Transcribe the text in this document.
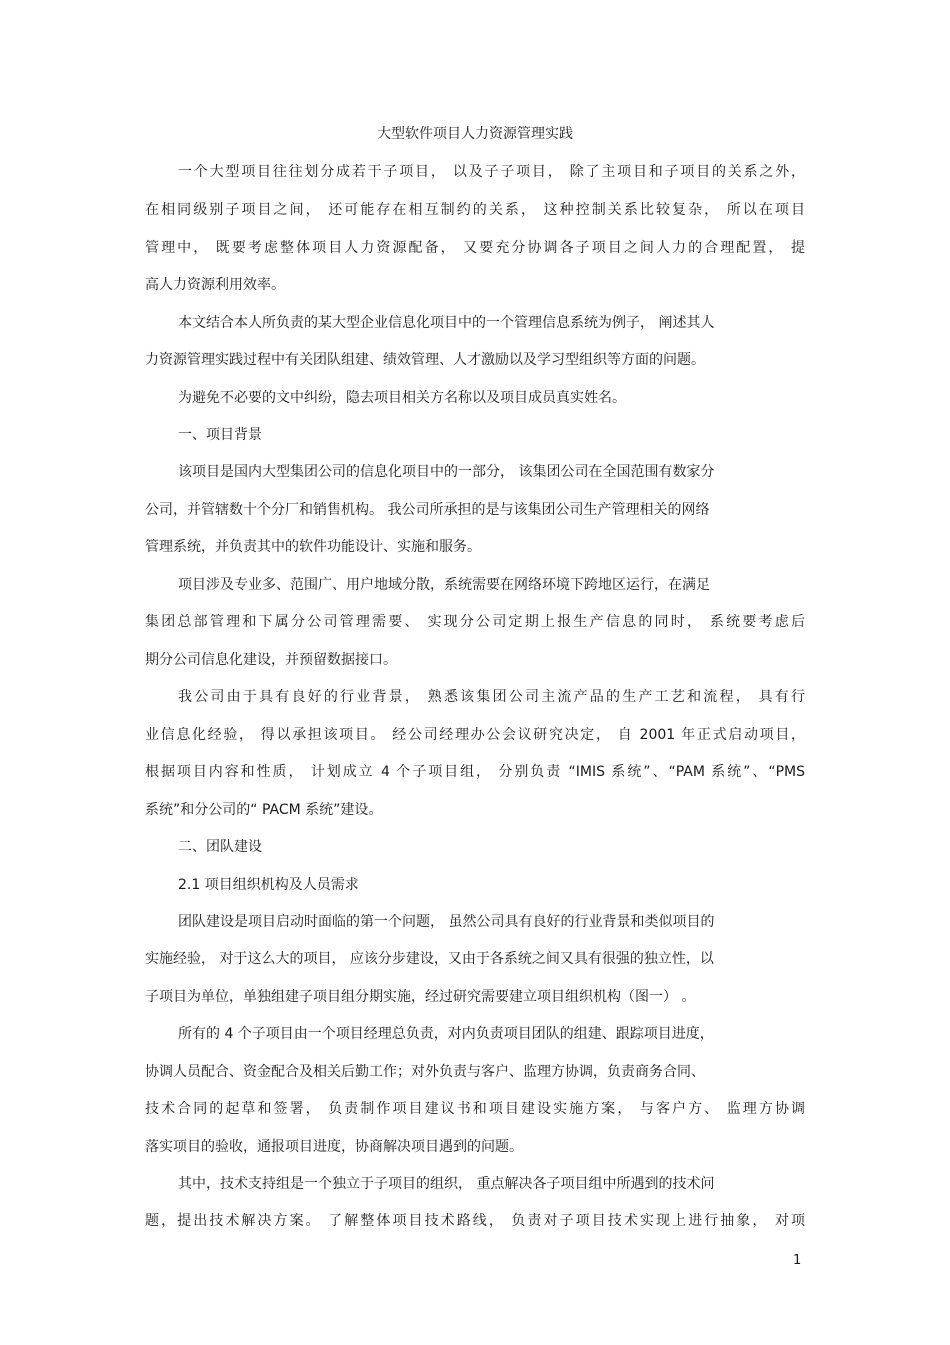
大型软件项目人力资源管理实践
一个大型项目往往划分成若干子项目， 以及子子项目， 除了主项目和子项目的关系之外，
在相同级别子项目之间， 还可能存在相互制约的关系， 这种控制关系比较复杂， 所以在项目
管理中， 既要考虑整体项目人力资源配备， 又要充分协调各子项目之间人力的合理配置， 提
高人力资源利用效率。
本文结合本人所负责的某大型企业信息化项目中的一个管理信息系统为例子， 阐述其人
力资源管理实践过程中有关团队组建、绩效管理、人才激励以及学习型组织等方面的问题。
为避免不必要的文中纠纷，隐去项目相关方名称以及项目成员真实姓名。
一、项目背景
该项目是国内大型集团公司的信息化项目中的一部分， 该集团公司在全国范围有数家分
公司，并管辖数十个分厂和销售机构。 我公司所承担的是与该集团公司生产管理相关的网络
管理系统，并负责其中的软件功能设计、实施和服务。
项目涉及专业多、范围广、用户地域分散，系统需要在网络环境下跨地区运行，在满足
集团总部管理和下属分公司管理需要、 实现分公司定期上报生产信息的同时， 系统要考虑后
期分公司信息化建设，并预留数据接口。
我公司由于具有良好的行业背景， 熟悉该集团公司主流产品的生产工艺和流程， 具有行
业信息化经验， 得以承担该项目。 经公司经理办公会议研究决定， 自 2001 年正式启动项目，
根据项目内容和性质， 计划成立 4 个子项目组， 分别负责 “IMIS 系统”、“PAM 系统”、“PMS
系统”和分公司的“ PACM 系统”建设。
二、团队建设
2.1 项目组织机构及人员需求
团队建设是项目启动时面临的第一个问题， 虽然公司具有良好的行业背景和类似项目的
实施经验， 对于这么大的项目， 应该分步建设，又由于各系统之间又具有很强的独立性，以
子项目为单位，单独组建子项目组分期实施，经过研究需要建立项目组织机构（图一） 。
所有的 4 个子项目由一个项目经理总负责，对内负责项目团队的组建、跟踪项目进度，
协调人员配合、资金配合及相关后勤工作；对外负责与客户、监理方协调，负责商务合同、
技术合同的起草和签署， 负责制作项目建议书和项目建设实施方案， 与客户方、 监理方协调
落实项目的验收，通报项目进度，协商解决项目遇到的问题。
其中，技术支持组是一个独立于子项目的组织， 重点解决各子项目组中所遇到的技术问
题，提出技术解决方案。 了解整体项目技术路线， 负责对子项目技术实现上进行抽象， 对项
1
